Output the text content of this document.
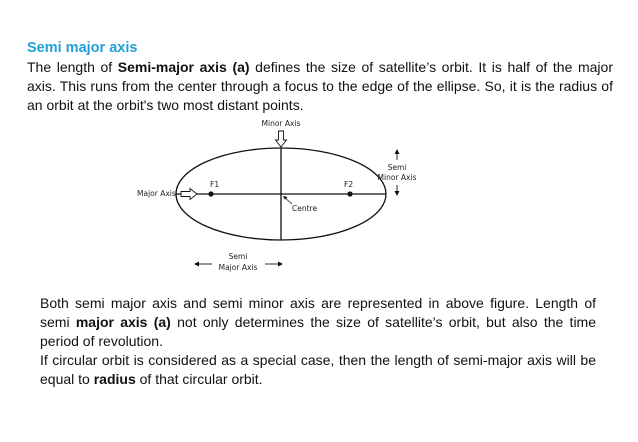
Semi major axis

The length of Semi-major axis (a) defines the size of satellite’s orbit. It is half of the major axis. This runs from the center through a focus to the edge of the ellipse. So, it is the radius of an orbit at the orbit's two most distant points.

Minor Axis
Major Axis
F1	F2
Centre
Semi
Minor Axis
Semi
Major Axis

Both semi major axis and semi minor axis are represented in above figure. Length of semi major axis (a) not only determines the size of satellite’s orbit, but also the time period of revolution.

If circular orbit is considered as a special case, then the length of semi-major axis will be equal to radius of that circular orbit.
